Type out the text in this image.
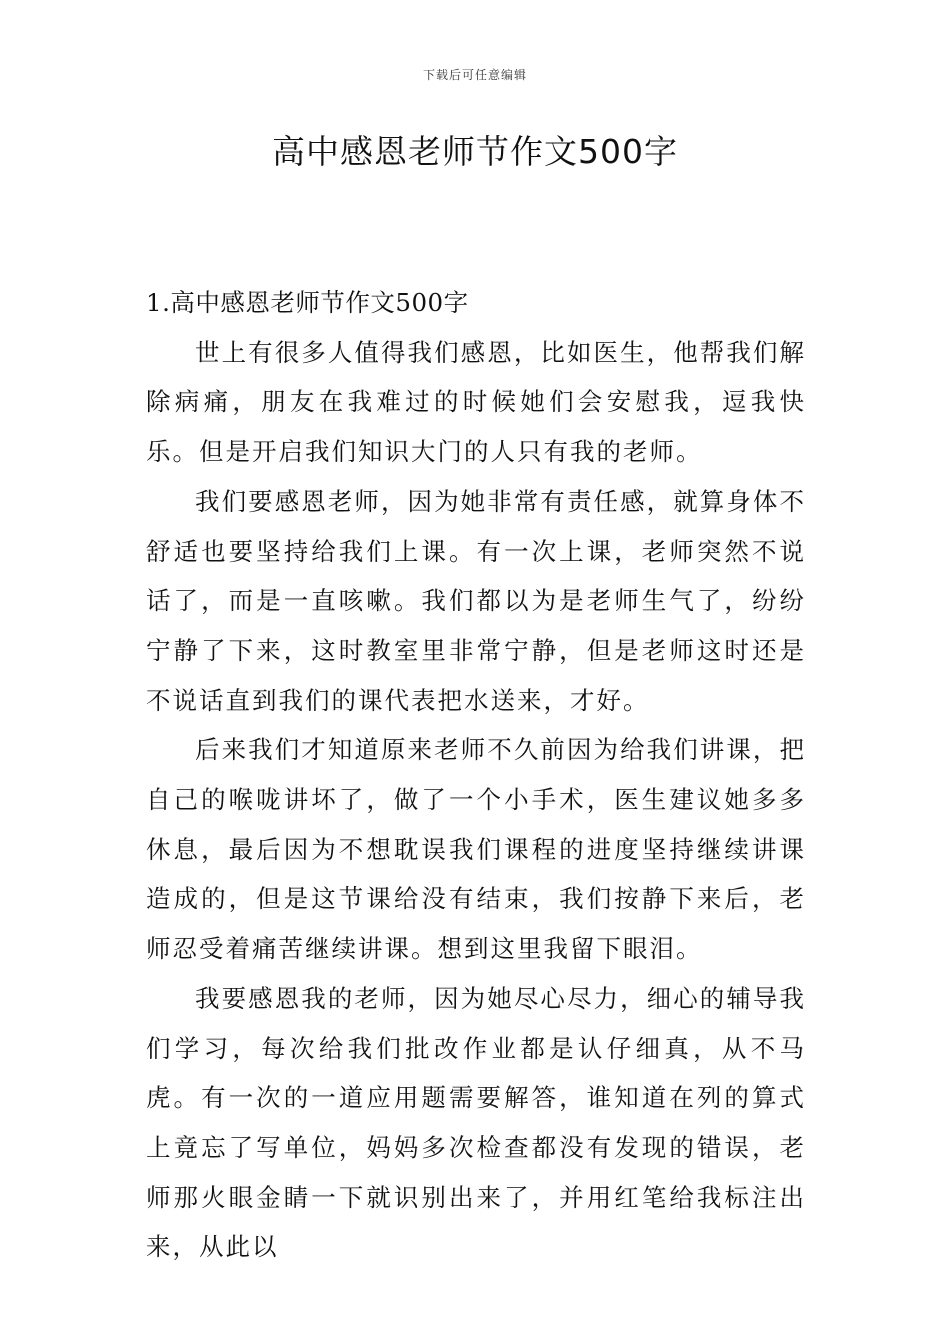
下载后可任意编辑
高中感恩老师节作文500字

1.高中感恩老师节作文500字

世上有很多人值得我们感恩，比如医生，他帮我们解除病痛，朋友在我难过的时候她们会安慰我，逗我快乐。但是开启我们知识大门的人只有我的老师。

我们要感恩老师，因为她非常有责任感，就算身体不舒适也要坚持给我们上课。有一次上课，老师突然不说话了，而是一直咳嗽。我们都以为是老师生气了，纷纷宁静了下来，这时教室里非常宁静，但是老师这时还是不说话直到我们的课代表把水送来，才好。

后来我们才知道原来老师不久前因为给我们讲课，把自己的喉咙讲坏了，做了一个小手术，医生建议她多多休息，最后因为不想耽误我们课程的进度坚持继续讲课造成的，但是这节课给没有结束，我们按静下来后，老师忍受着痛苦继续讲课。想到这里我留下眼泪。

我要感恩我的老师，因为她尽心尽力，细心的辅导我们学习，每次给我们批改作业都是认仔细真，从不马虎。有一次的一道应用题需要解答，谁知道在列的算式上竟忘了写单位，妈妈多次检查都没有发现的错误，老师那火眼金睛一下就识别出来了，并用红笔给我标注出来，从此以
